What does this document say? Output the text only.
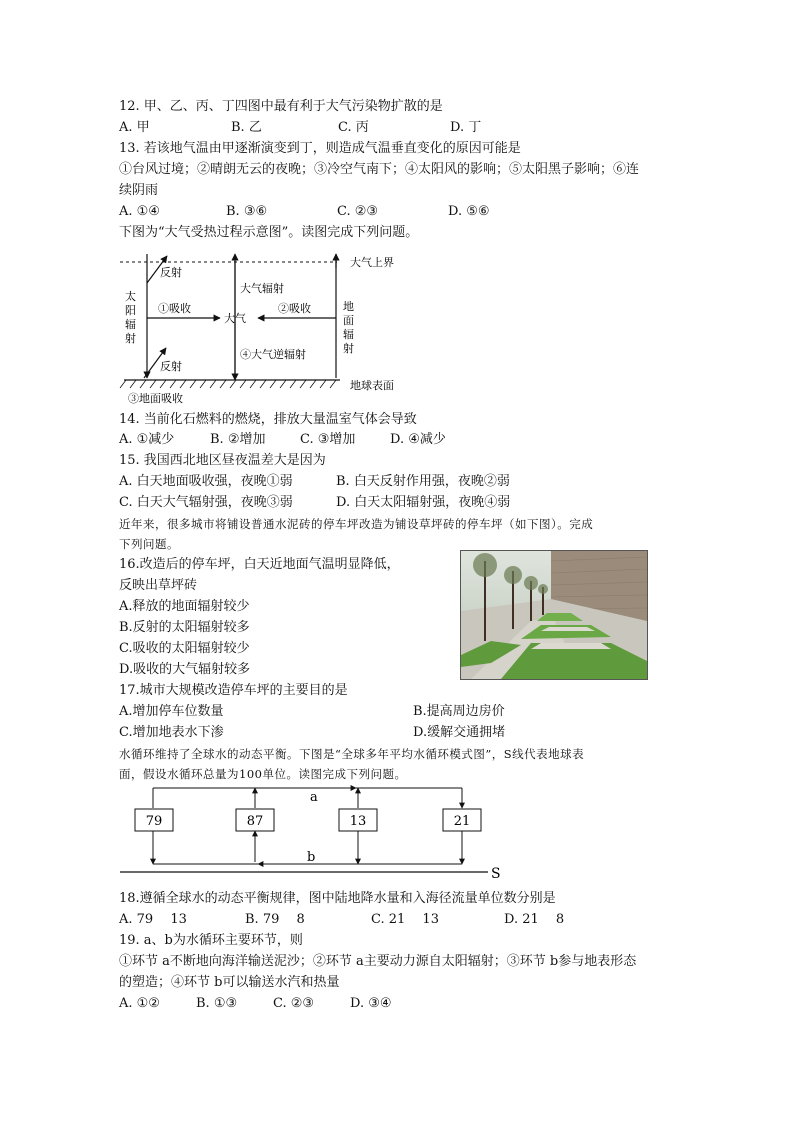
12. 甲、乙、丙、丁四图中最有利于大气污染物扩散的是
A. 甲	B. 乙	C. 丙	D. 丁
13. 若该地气温由甲逐渐演变到丁，则造成气温垂直变化的原因可能是
①台风过境；②晴朗无云的夜晚；③冷空气南下；④太阳风的影响；⑤太阳黑子影响；⑥连
续阴雨
A. ①④	B. ③⑥	C. ②③	D. ⑤⑥
下图为“大气受热过程示意图”。读图完成下列问题。
大气上界
地球表面
太
阳
辐
射
地
面
辐
射
反射
反射
①吸收	②吸收
大气辐射
大气
④大气逆辐射
③地面吸收
14. 当前化石燃料的燃烧，排放大量温室气体会导致
A. ①减少	B. ②增加	C. ③增加	D. ④减少
15. 我国西北地区昼夜温差大是因为
A. 白天地面吸收强，夜晚①弱	B. 白天反射作用强，夜晚②弱
C. 白天大气辐射强，夜晚③弱	D. 白天太阳辐射强，夜晚④弱
近年来，很多城市将铺设普通水泥砖的停车坪改造为铺设草坪砖的停车坪（如下图）。完成
下列问题。
16.改造后的停车坪，白天近地面气温明显降低，
反映出草坪砖
A.释放的地面辐射较少
B.反射的太阳辐射较多
C.吸收的太阳辐射较少
D.吸收的大气辐射较多
17.城市大规模改造停车坪的主要目的是
A.增加停车位数量	B.提高周边房价
C.增加地表水下渗	D.缓解交通拥堵
水循环维持了全球水的动态平衡。下图是“全球多年平均水循环模式图”，S线代表地球表
面，假设水循环总量为100单位。读图完成下列问题。
79	87	13	21
a
b
S
18.遵循全球水的动态平衡规律，图中陆地降水量和入海径流量单位数分别是
A. 79　 13	B. 79　 8	C. 21　 13	D. 21　 8
19. a、b为水循环主要环节，则
①环节 a不断地向海洋输送泥沙；②环节 a主要动力源自太阳辐射；③环节 b参与地表形态
的塑造；④环节 b可以输送水汽和热量
A. ①②	B. ①③	C. ②③	D. ③④
